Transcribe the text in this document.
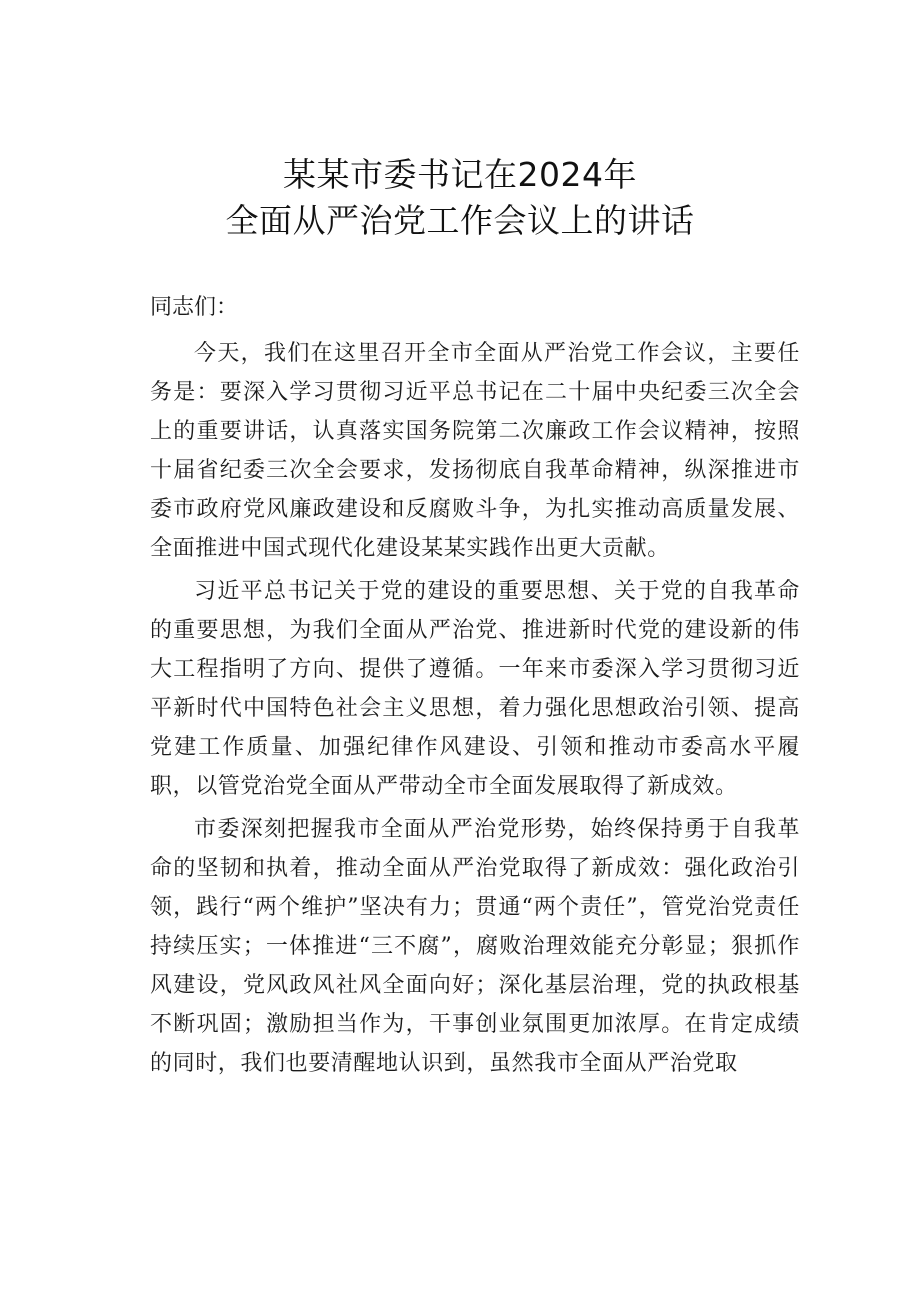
某某市委书记在2024年
全面从严治党工作会议上的讲话

同志们：

今天，我们在这里召开全市全面从严治党工作会议，主要任务是：要深入学习贯彻习近平总书记在二十届中央纪委三次全会上的重要讲话，认真落实国务院第二次廉政工作会议精神，按照十届省纪委三次全会要求，发扬彻底自我革命精神，纵深推进市委市政府党风廉政建设和反腐败斗争，为扎实推动高质量发展、全面推进中国式现代化建设某某实践作出更大贡献。

习近平总书记关于党的建设的重要思想、关于党的自我革命的重要思想，为我们全面从严治党、推进新时代党的建设新的伟大工程指明了方向、提供了遵循。一年来市委深入学习贯彻习近平新时代中国特色社会主义思想，着力强化思想政治引领、提高党建工作质量、加强纪律作风建设、引领和推动市委高水平履职，以管党治党全面从严带动全市全面发展取得了新成效。

市委深刻把握我市全面从严治党形势，始终保持勇于自我革命的坚韧和执着，推动全面从严治党取得了新成效：强化政治引领，践行“两个维护”坚决有力；贯通“两个责任”，管党治党责任持续压实；一体推进“三不腐”，腐败治理效能充分彰显；狠抓作风建设，党风政风社风全面向好；深化基层治理，党的执政根基不断巩固；激励担当作为，干事创业氛围更加浓厚。在肯定成绩的同时，我们也要清醒地认识到，虽然我市全面从严治党取
